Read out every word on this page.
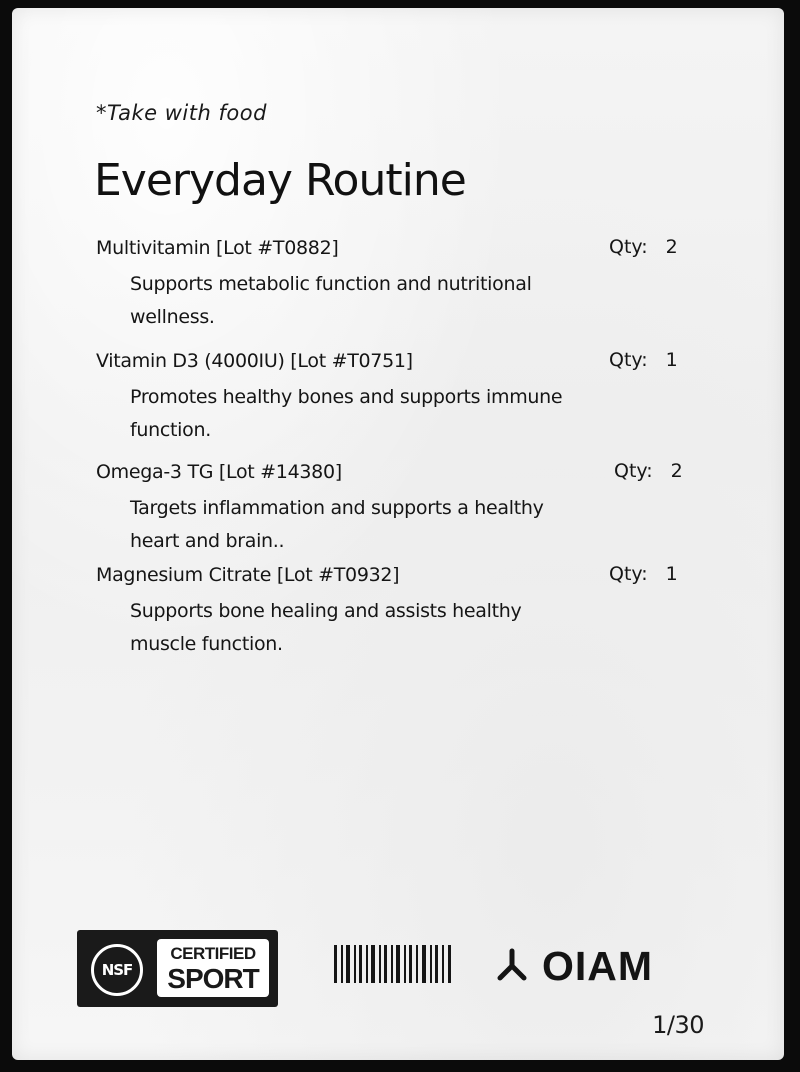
*Take with food
Everyday Routine
Multivitamin [Lot #T0882]
Supports metabolic function and nutritional wellness.
Qty: 2
Vitamin D3 (4000IU) [Lot #T0751]
Promotes healthy bones and supports immune function.
Qty: 1
Omega-3 TG [Lot #14380]
Targets inflammation and supports a healthy heart and brain..
Qty: 2
Magnesium Citrate [Lot #T0932]
Supports bone healing and assists healthy muscle function.
Qty: 1
NSF
CERTIFIED
SPORT	OIAM
1/30
